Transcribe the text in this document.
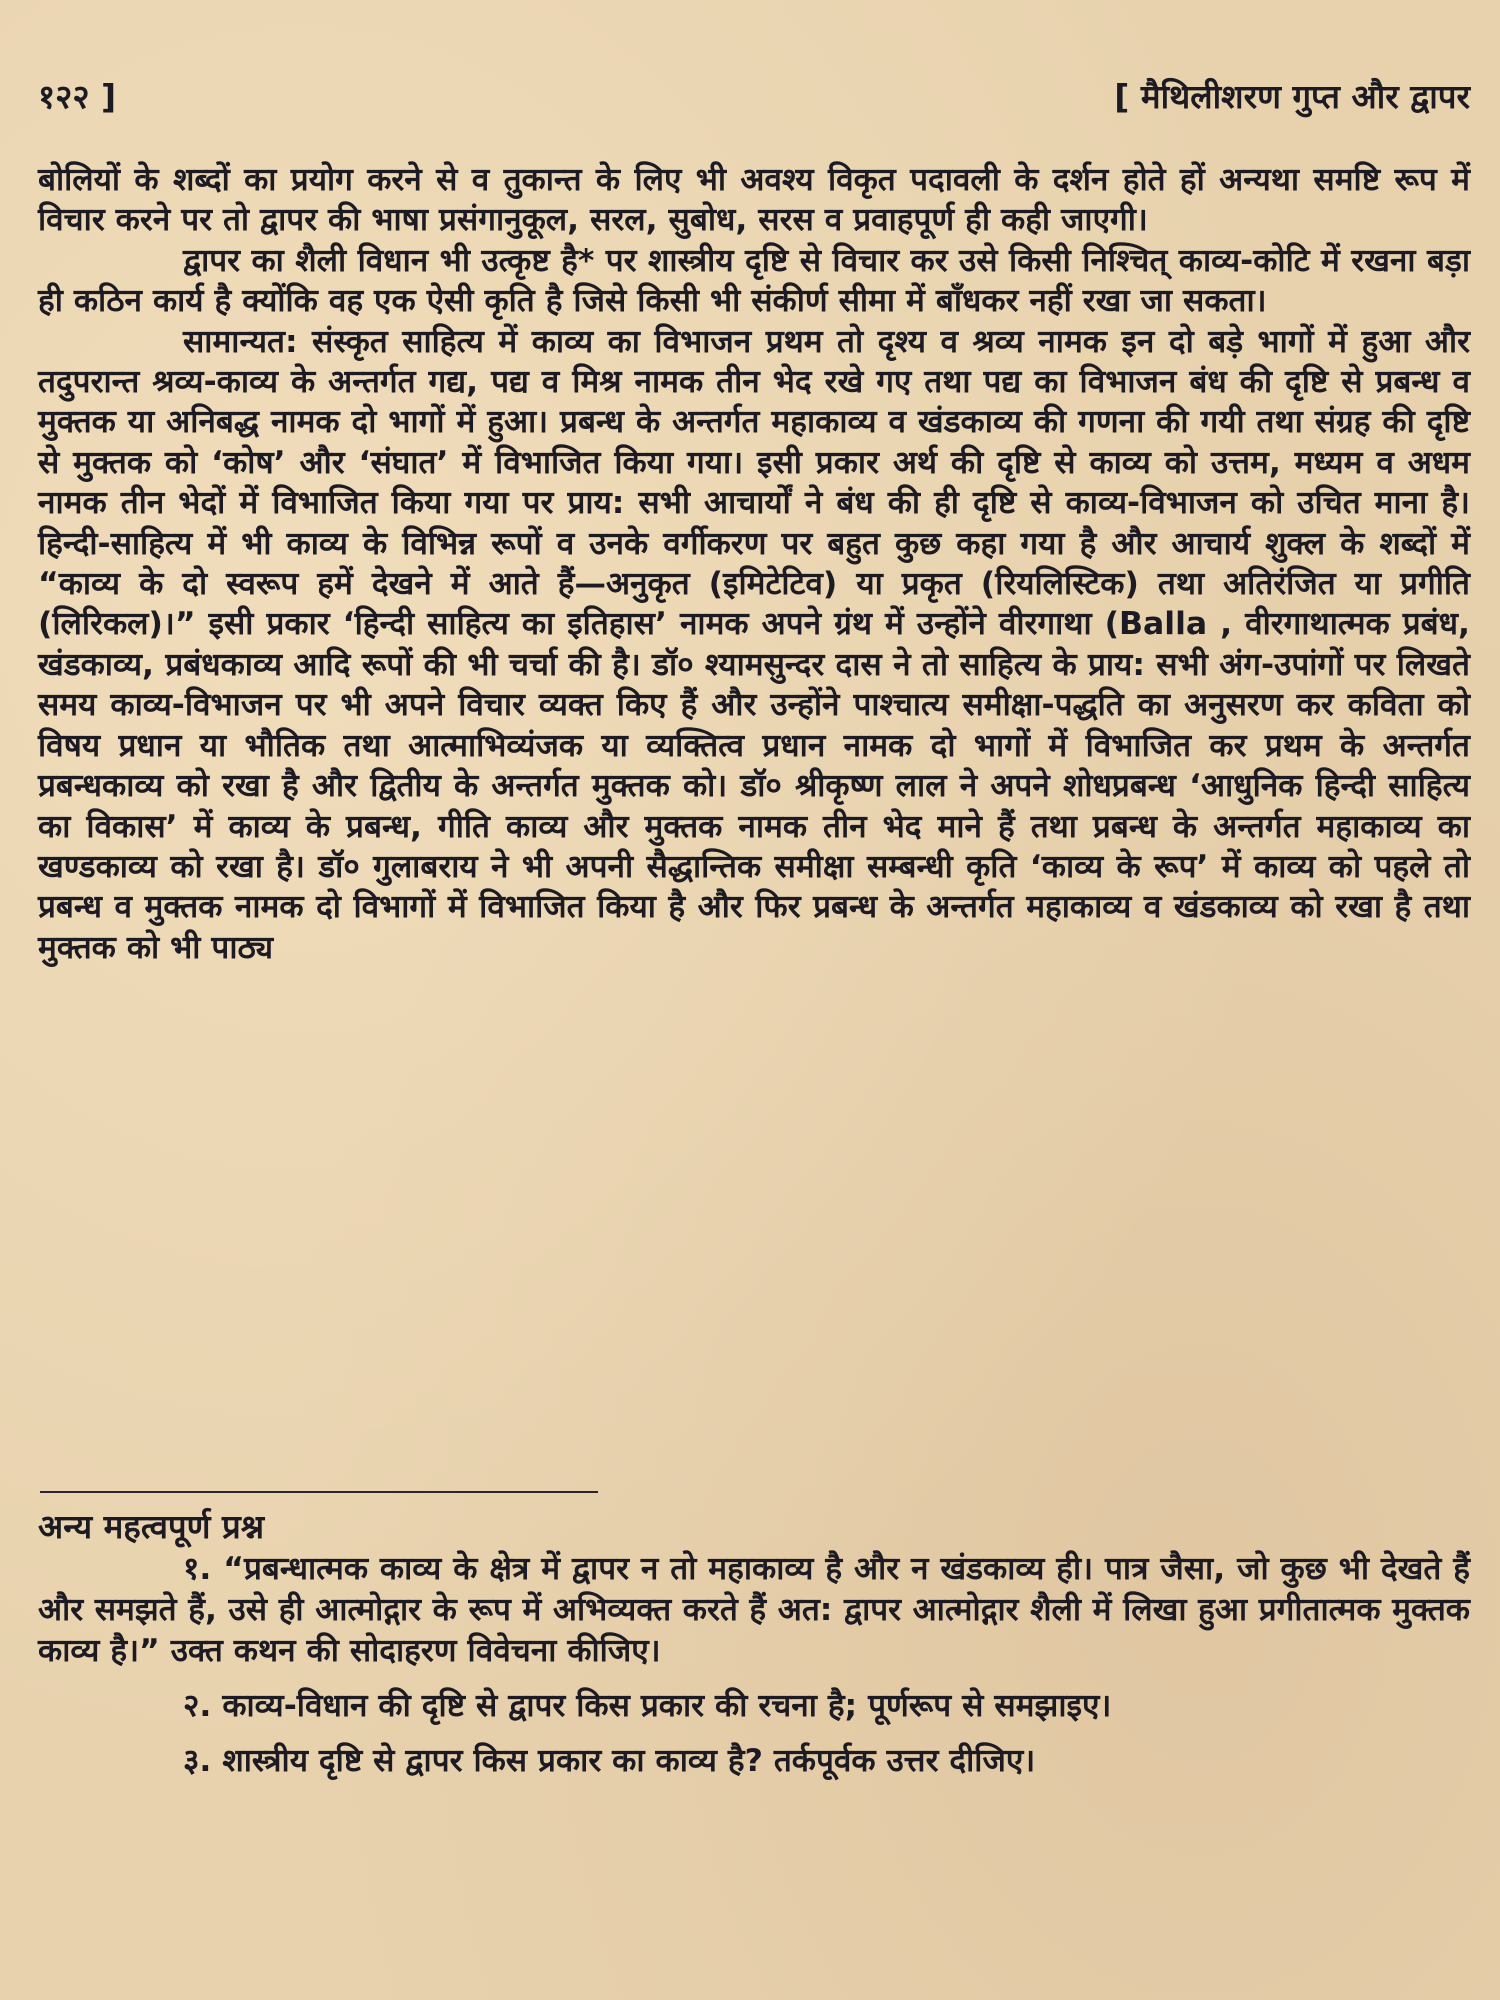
१२२ ]	[ मैथिलीशरण गुप्त और द्वापर

बोलियों के शब्दों का प्रयोग करने से व तुकान्त के लिए भी अवश्य विकृत पदावली के दर्शन होते हों अन्यथा समष्टि रूप में विचार करने पर तो द्वापर की भाषा प्रसंगानुकूल, सरल, सुबोध, सरस व प्रवाहपूर्ण ही कही जाएगी।

द्वापर का शैली विधान भी उत्कृष्ट है* पर शास्त्रीय दृष्टि से विचार कर उसे किसी निश्चित् काव्य-कोटि में रखना बड़ा ही कठिन कार्य है क्योंकि वह एक ऐसी कृति है जिसे किसी भी संकीर्ण सीमा में बाँधकर नहीं रखा जा सकता।

सामान्यत: संस्कृत साहित्य में काव्य का विभाजन प्रथम तो दृश्य व श्रव्य नामक इन दो बड़े भागों में हुआ और तदुपरान्त श्रव्य-काव्य के अन्तर्गत गद्य, पद्य व मिश्र नामक तीन भेद रखे गए तथा पद्य का विभाजन बंध की दृष्टि से प्रबन्ध व मुक्तक या अनिबद्ध नामक दो भागों में हुआ। प्रबन्ध के अन्तर्गत महाकाव्य व खंडकाव्य की गणना की गयी तथा संग्रह की दृष्टि से मुक्तक को ‘कोष’ और ‘संघात’ में विभाजित किया गया। इसी प्रकार अर्थ की दृष्टि से काव्य को उत्तम, मध्यम व अधम नामक तीन भेदों में विभाजित किया गया पर प्राय: सभी आचार्यों ने बंध की ही दृष्टि से काव्य-विभाजन को उचित माना है। हिन्दी-साहित्य में भी काव्य के विभिन्न रूपों व उनके वर्गीकरण पर बहुत कुछ कहा गया है और आचार्य शुक्ल के शब्दों में “काव्य के दो स्वरूप हमें देखने में आते हैं—अनुकृत (इमिटेटिव) या प्रकृत (रियलिस्टिक) तथा अतिरंजित या प्रगीति (लिरिकल)।” इसी प्रकार ‘हिन्दी साहित्य का इतिहास’ नामक अपने ग्रंथ में उन्होंने वीरगाथा (Balla , वीरगाथात्मक प्रबंध, खंडकाव्य, प्रबंधकाव्य आदि रूपों की भी चर्चा की है। डॉ० श्यामसुन्दर दास ने तो साहित्य के प्राय: सभी अंग-उपांगों पर लिखते समय काव्य-विभाजन पर भी अपने विचार व्यक्त किए हैं और उन्होंने पाश्चात्य समीक्षा-पद्धति का अनुसरण कर कविता को विषय प्रधान या भौतिक तथा आत्माभिव्यंजक या व्यक्तित्व प्रधान नामक दो भागों में विभाजित कर प्रथम के अन्तर्गत प्रबन्धकाव्य को रखा है और द्वितीय के अन्तर्गत मुक्तक को। डॉ० श्रीकृष्ण लाल ने अपने शोधप्रबन्ध ‘आधुनिक हिन्दी साहित्य का विकास’ में काव्य के प्रबन्ध, गीति काव्य और मुक्तक नामक तीन भेद माने हैं तथा प्रबन्ध के अन्तर्गत महाकाव्य का खण्डकाव्य को रखा है। डॉ० गुलाबराय ने भी अपनी सैद्धान्तिक समीक्षा सम्बन्धी कृति ‘काव्य के रूप’ में काव्य को पहले तो प्रबन्ध व मुक्तक नामक दो विभागों में विभाजित किया है और फिर प्रबन्ध के अन्तर्गत महाकाव्य व खंडकाव्य को रखा है तथा मुक्तक को भी पाठ्य

अन्य महत्वपूर्ण प्रश्न

१. “प्रबन्धात्मक काव्य के क्षेत्र में द्वापर न तो महाकाव्य है और न खंडकाव्य ही। पात्र जैसा, जो कुछ भी देखते हैं और समझते हैं, उसे ही आत्मोद्गार के रूप में अभिव्यक्त करते हैं अत: द्वापर आत्मोद्गार शैली में लिखा हुआ प्रगीतात्मक मुक्तक काव्य है।” उक्त कथन की सोदाहरण विवेचना कीजिए।

२. काव्य-विधान की दृष्टि से द्वापर किस प्रकार की रचना है; पूर्णरूप से समझाइए।

३. शास्त्रीय दृष्टि से द्वापर किस प्रकार का काव्य है? तर्कपूर्वक उत्तर दीजिए।
